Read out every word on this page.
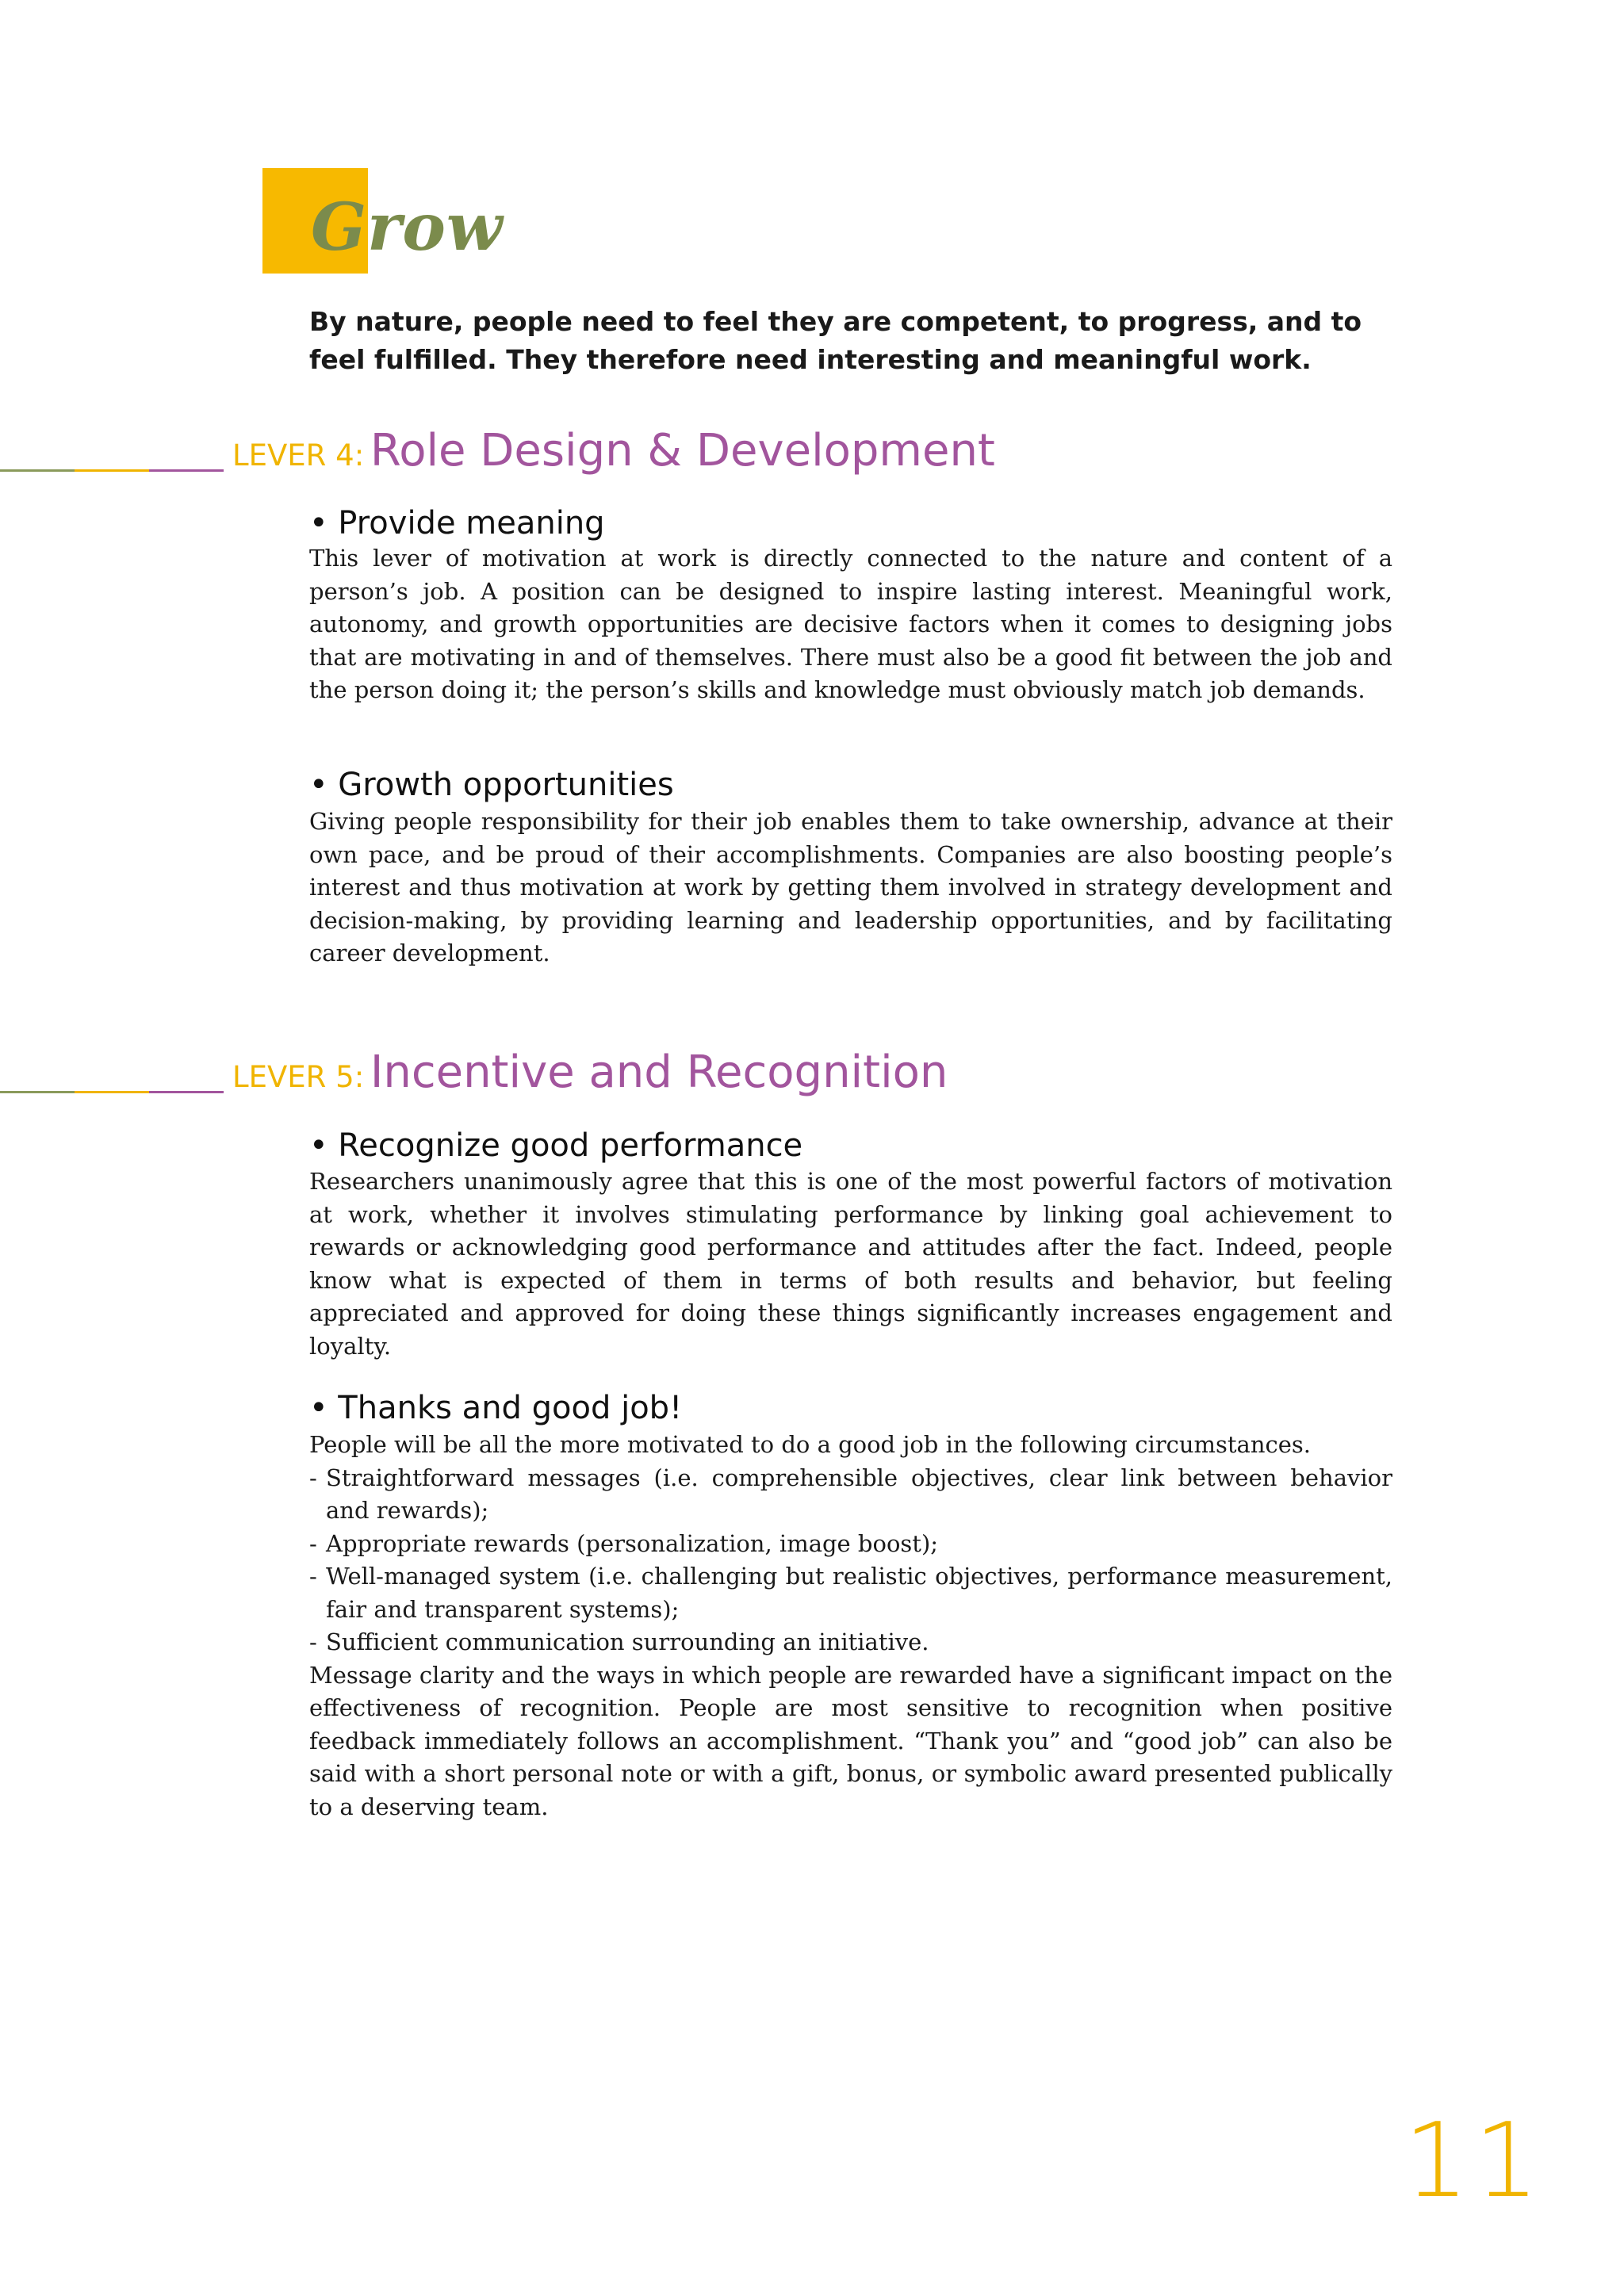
Grow

By nature, people need to feel they are competent, to progress, and to feel fulfilled. They therefore need interesting and meaningful work.

LEVER 4: Role Design & Development
• Provide meaning

This lever of motivation at work is directly connected to the nature and content of a person’s job. A position can be designed to inspire lasting interest. Meaningful work, autonomy, and growth opportunities are decisive factors when it comes to designing jobs that are motivating in and of themselves. There must also be a good fit between the job and the person doing it; the person’s skills and knowledge must obviously match job demands.

• Growth opportunities

Giving people responsibility for their job enables them to take ownership, advance at their own pace, and be proud of their accomplishments. Companies are also boosting people’s interest and thus motivation at work by getting them involved in strategy development and decision-making, by providing learning and leadership opportunities, and by facilitating career development.

LEVER 5: Incentive and Recognition
• Recognize good performance

Researchers unanimously agree that this is one of the most powerful factors of motivation at work, whether it involves stimulating performance by linking goal achievement to rewards or acknowledging good performance and attitudes after the fact. Indeed, people know what is expected of them in terms of both results and behavior, but feeling appreciated and approved for doing these things significantly increases engagement and loyalty.

• Thanks and good job!

People will be all the more motivated to do a good job in the following circumstances.

- Straightforward messages (i.e. comprehensible objectives, clear link between behavior and rewards);
- Appropriate rewards (personalization, image boost);
- Well-managed system (i.e. challenging but realistic objectives, performance measurement, fair and transparent systems);
- Sufficient communication surrounding an initiative.

Message clarity and the ways in which people are rewarded have a significant impact on the effectiveness of recognition. People are most sensitive to recognition when positive feedback immediately follows an accomplishment. “Thank you” and “good job” can also be said with a short personal note or with a gift, bonus, or symbolic award presented publically to a deserving team.

11
